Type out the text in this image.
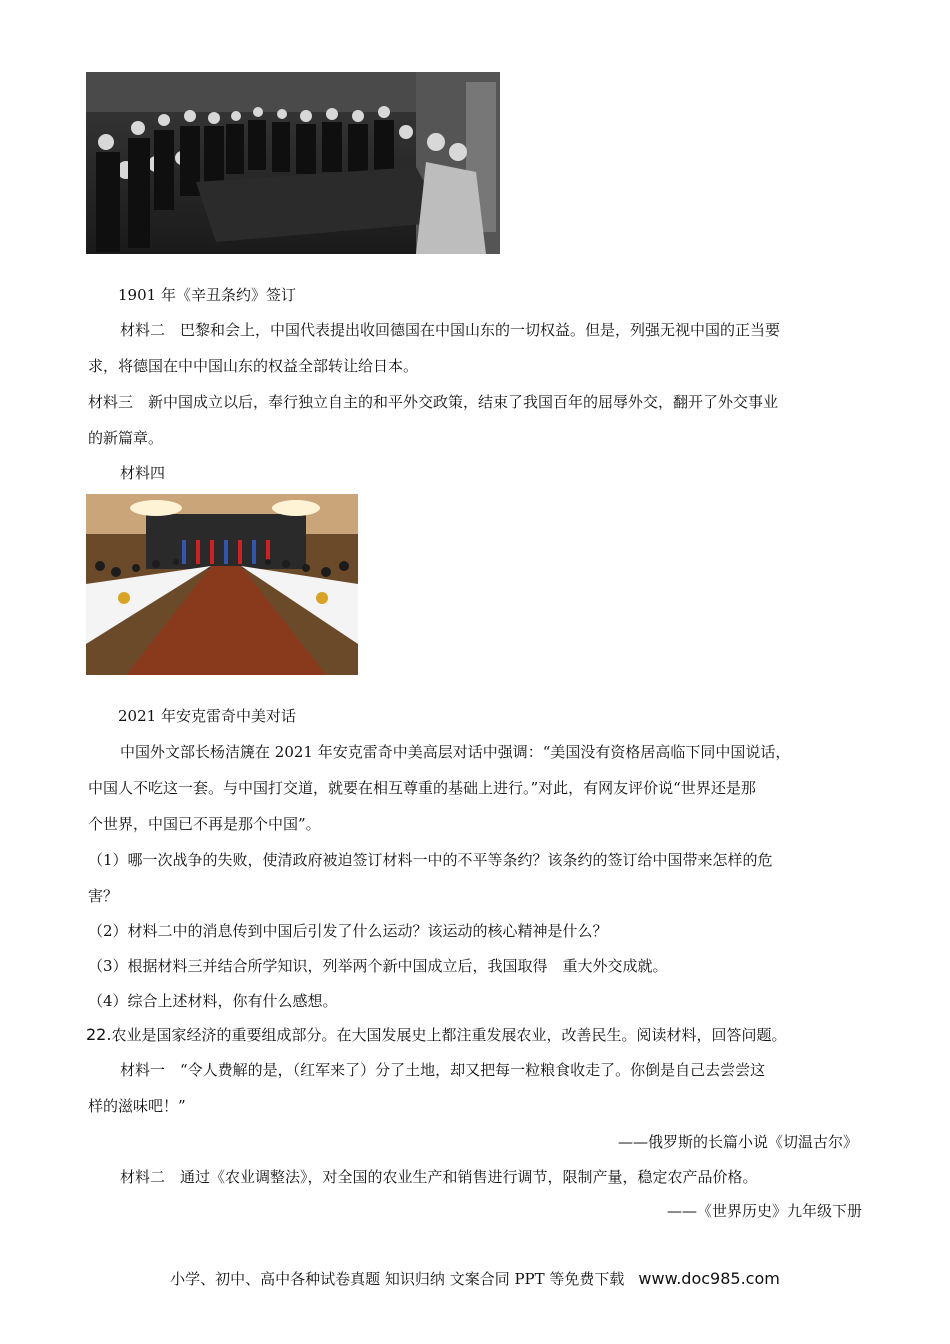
1901 年《辛丑条约》签订
材料二　巴黎和会上，中国代表提出收回德国在中国山东的一切权益。但是，列强无视中国的正当要
求，将德国在中中国山东的权益全部转让给日本。
材料三　新中国成立以后，奉行独立自主的和平外交政策，结束了我国百年的屈辱外交，翻开了外交事业
的新篇章。
材料四
2021 年安克雷奇中美对话
中国外文部长杨洁篪在 2021 年安克雷奇中美高层对话中强调：“美国没有资格居高临下同中国说话，
中国人不吃这一套。与中国打交道，就要在相互尊重的基础上进行。”对此，有网友评价说“世界还是那
个世界，中国已不再是那个中国”。
（1）哪一次战争的失败，使清政府被迫签订材料一中的不平等条约？该条约的签订给中国带来怎样的危
害？
（2）材料二中的消息传到中国后引发了什么运动？该运动的核心精神是什么？
（3）根据材料三并结合所学知识，列举两个新中国成立后，我国取得　重大外交成就。
（4）综合上述材料，你有什么感想。
22.农业是国家经济的重要组成部分。在大国发展史上都注重发展农业，改善民生。阅读材料，回答问题。
材料一　“令人费解的是，（红军来了）分了土地，却又把每一粒粮食收走了。你倒是自己去尝尝这
样的滋味吧！”
——俄罗斯的长篇小说《切温古尔》
材料二　通过《农业调整法》，对全国的农业生产和销售进行调节，限制产量，稳定农产品价格。
——《世界历史》九年级下册
小学、初中、高中各种试卷真题 知识归纳 文案合同 PPT 等免费下载 www.doc985.com
